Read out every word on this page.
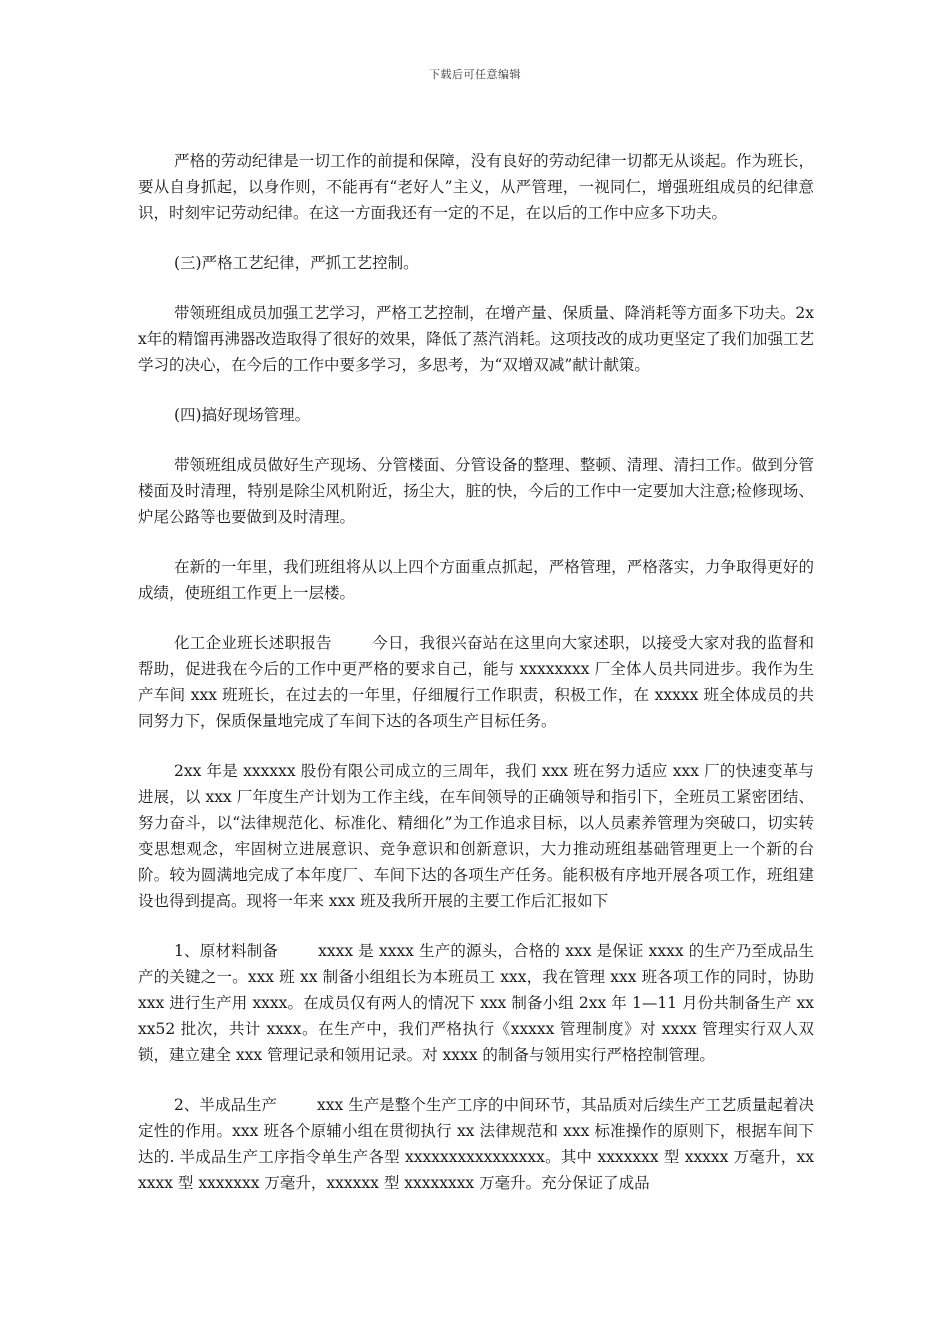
下载后可任意编辑

严格的劳动纪律是一切工作的前提和保障，没有良好的劳动纪律一切都无从谈起。作为班长，要从自身抓起，以身作则，不能再有“老好人”主义，从严管理，一视同仁，增强班组成员的纪律意识，时刻牢记劳动纪律。在这一方面我还有一定的不足，在以后的工作中应多下功夫。

(三)严格工艺纪律，严抓工艺控制。

带领班组成员加强工艺学习，严格工艺控制，在增产量、保质量、降消耗等方面多下功夫。2xx年的精馏再沸器改造取得了很好的效果，降低了蒸汽消耗。这项技改的成功更坚定了我们加强工艺学习的决心，在今后的工作中要多学习，多思考，为“双增双减”献计献策。

(四)搞好现场管理。

带领班组成员做好生产现场、分管楼面、分管设备的整理、整顿、清理、清扫工作。做到分管楼面及时清理，特别是除尘风机附近，扬尘大，脏的快，今后的工作中一定要加大注意;检修现场、炉尾公路等也要做到及时清理。

在新的一年里，我们班组将从以上四个方面重点抓起，严格管理，严格落实，力争取得更好的成绩，使班组工作更上一层楼。

化工企业班长述职报告	今日，我很兴奋站在这里向大家述职，以接受大家对我的监督和帮助，促进我在今后的工作中更严格的要求自己，能与 xxxxxxxx 厂全体人员共同进步。我作为生产车间 xxx 班班长，在过去的一年里，仔细履行工作职责，积极工作，在 xxxxx 班全体成员的共同努力下，保质保量地完成了车间下达的各项生产目标任务。

2xx 年是 xxxxxx 股份有限公司成立的三周年，我们 xxx 班在努力适应 xxx 厂的快速变革与进展，以 xxx 厂年度生产计划为工作主线，在车间领导的正确领导和指引下，全班员工紧密团结、努力奋斗，以“法律规范化、标准化、精细化”为工作追求目标，以人员素养管理为突破口，切实转变思想观念，牢固树立进展意识、竞争意识和创新意识，大力推动班组基础管理更上一个新的台阶。较为圆满地完成了本年度厂、车间下达的各项生产任务。能积极有序地开展各项工作，班组建设也得到提高。现将一年来 xxx 班及我所开展的主要工作后汇报如下

1、原材料制备	xxxx 是 xxxx 生产的源头，合格的 xxx 是保证 xxxx 的生产乃至成品生产的关键之一。xxx 班 xx 制备小组组长为本班员工 xxx，我在管理 xxx 班各项工作的同时，协助 xxx 进行生产用 xxxx。在成员仅有两人的情况下 xxx 制备小组 2xx 年 1—11 月份共制备生产 xxxx52 批次，共计 xxxx。在生产中，我们严格执行《xxxxx 管理制度》对 xxxx 管理实行双人双锁，建立建全 xxx 管理记录和领用记录。对 xxxx 的制备与领用实行严格控制管理。

2、半成品生产	xxx 生产是整个生产工序的中间环节，其品质对后续生产工艺质量起着决定性的作用。xxx 班各个原辅小组在贯彻执行 xx 法律规范和 xxx 标准操作的原则下，根据车间下达的. 半成品生产工序指令单生产各型 xxxxxxxxxxxxxxxx。其中 xxxxxxx 型 xxxxx 万毫升，xxxxxx 型 xxxxxxx 万毫升，xxxxxx 型 xxxxxxxx 万毫升。充分保证了成品
